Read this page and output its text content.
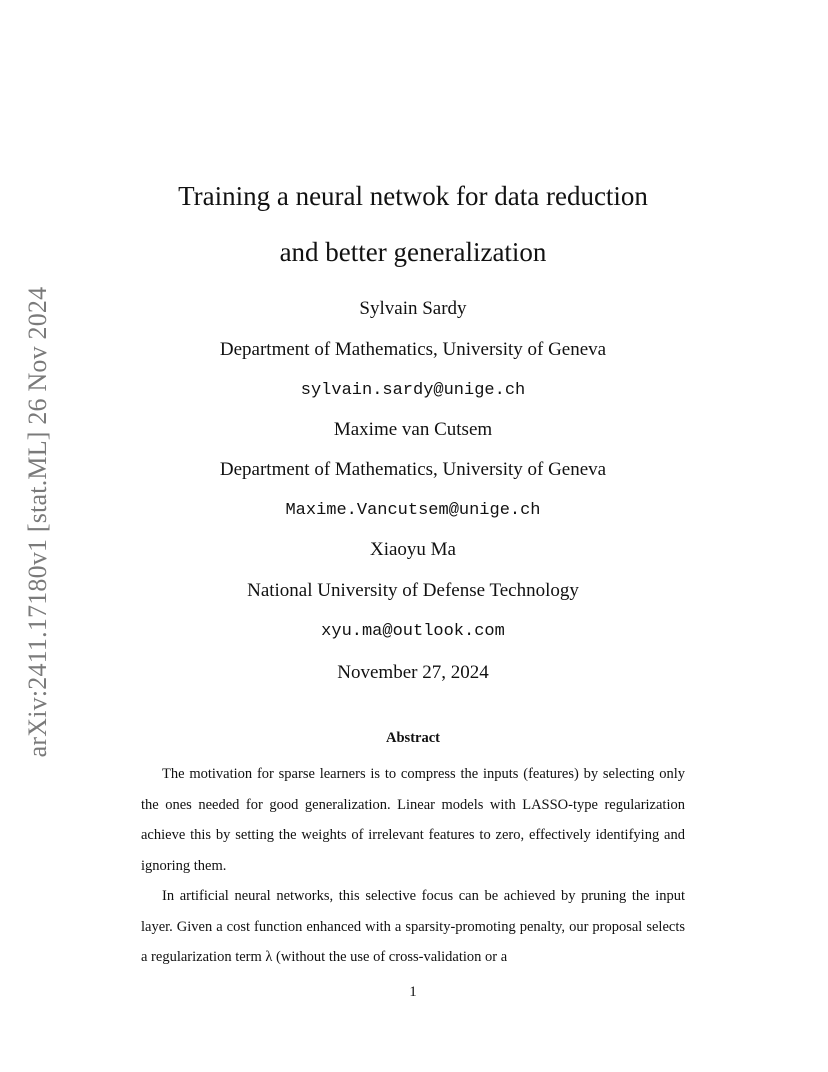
arXiv:2411.17180v1 [stat.ML] 26 Nov 2024
Training a neural netwok for data reduction
and better generalization
Sylvain Sardy
Department of Mathematics, University of Geneva
sylvain.sardy@unige.ch
Maxime van Cutsem
Department of Mathematics, University of Geneva
Maxime.Vancutsem@unige.ch
Xiaoyu Ma
National University of Defense Technology
xyu.ma@outlook.com
November 27, 2024
Abstract

The motivation for sparse learners is to compress the inputs (features) by selecting only the ones needed for good generalization. Linear models with LASSO-type regularization achieve this by setting the weights of irrelevant features to zero, effectively identifying and ignoring them.

In artificial neural networks, this selective focus can be achieved by pruning the input layer. Given a cost function enhanced with a sparsity-promoting penalty, our proposal selects a regularization term λ (without the use of cross-validation or a

1
